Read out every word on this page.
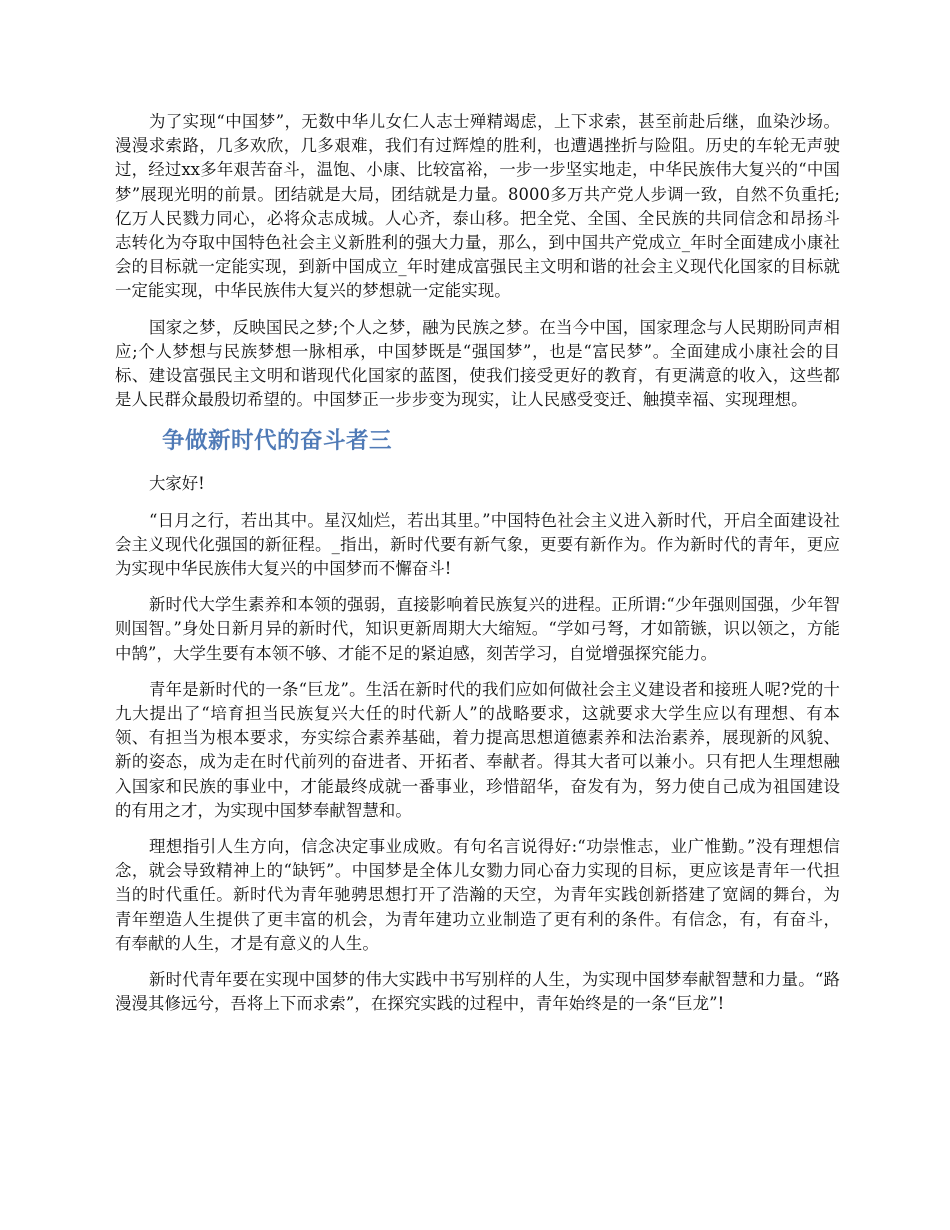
为了实现“中国梦”，无数中华儿女仁人志士殚精竭虑，上下求索，甚至前赴后继，血染沙场。漫漫求索路，几多欢欣，几多艰难，我们有过辉煌的胜利，也遭遇挫折与险阻。历史的车轮无声驶过，经过xx多年艰苦奋斗，温饱、小康、比较富裕，一步一步坚实地走，中华民族伟大复兴的“中国梦”展现光明的前景。团结就是大局，团结就是力量。8000多万共产党人步调一致，自然不负重托;亿万人民戮力同心，必将众志成城。人心齐，泰山移。把全党、全国、全民族的共同信念和昂扬斗志转化为夺取中国特色社会主义新胜利的强大力量，那么，到中国共产党成立_年时全面建成小康社会的目标就一定能实现，到新中国成立_年时建成富强民主文明和谐的社会主义现代化国家的目标就一定能实现，中华民族伟大复兴的梦想就一定能实现。

国家之梦，反映国民之梦;个人之梦，融为民族之梦。在当今中国，国家理念与人民期盼同声相应;个人梦想与民族梦想一脉相承，中国梦既是“强国梦”，也是“富民梦”。全面建成小康社会的目标、建设富强民主文明和谐现代化国家的蓝图，使我们接受更好的教育，有更满意的收入，这些都是人民群众最殷切希望的。中国梦正一步步变为现实，让人民感受变迁、触摸幸福、实现理想。

争做新时代的奋斗者三

大家好!

“日月之行，若出其中。星汉灿烂，若出其里。”中国特色社会主义进入新时代，开启全面建设社会主义现代化强国的新征程。_指出，新时代要有新气象，更要有新作为。作为新时代的青年，更应为实现中华民族伟大复兴的中国梦而不懈奋斗!

新时代大学生素养和本领的强弱，直接影响着民族复兴的进程。正所谓:“少年强则国强，少年智则国智。”身处日新月异的新时代，知识更新周期大大缩短。“学如弓弩，才如箭镞，识以领之，方能中鹄”，大学生要有本领不够、才能不足的紧迫感，刻苦学习，自觉增强探究能力。

青年是新时代的一条“巨龙”。生活在新时代的我们应如何做社会主义建设者和接班人呢?党的十九大提出了“培育担当民族复兴大任的时代新人”的战略要求，这就要求大学生应以有理想、有本领、有担当为根本要求，夯实综合素养基础，着力提高思想道德素养和法治素养，展现新的风貌、新的姿态，成为走在时代前列的奋进者、开拓者、奉献者。得其大者可以兼小。只有把人生理想融入国家和民族的事业中，才能最终成就一番事业，珍惜韶华，奋发有为，努力使自己成为祖国建设的有用之才，为实现中国梦奉献智慧和。

理想指引人生方向，信念决定事业成败。有句名言说得好:“功崇惟志，业广惟勤。”没有理想信念，就会导致精神上的“缺钙”。中国梦是全体儿女勠力同心奋力实现的目标，更应该是青年一代担当的时代重任。新时代为青年驰骋思想打开了浩瀚的天空，为青年实践创新搭建了宽阔的舞台，为青年塑造人生提供了更丰富的机会，为青年建功立业制造了更有利的条件。有信念，有，有奋斗，有奉献的人生，才是有意义的人生。

新时代青年要在实现中国梦的伟大实践中书写别样的人生，为实现中国梦奉献智慧和力量。“路漫漫其修远兮，吾将上下而求索”，在探究实践的过程中，青年始终是的一条“巨龙”!
